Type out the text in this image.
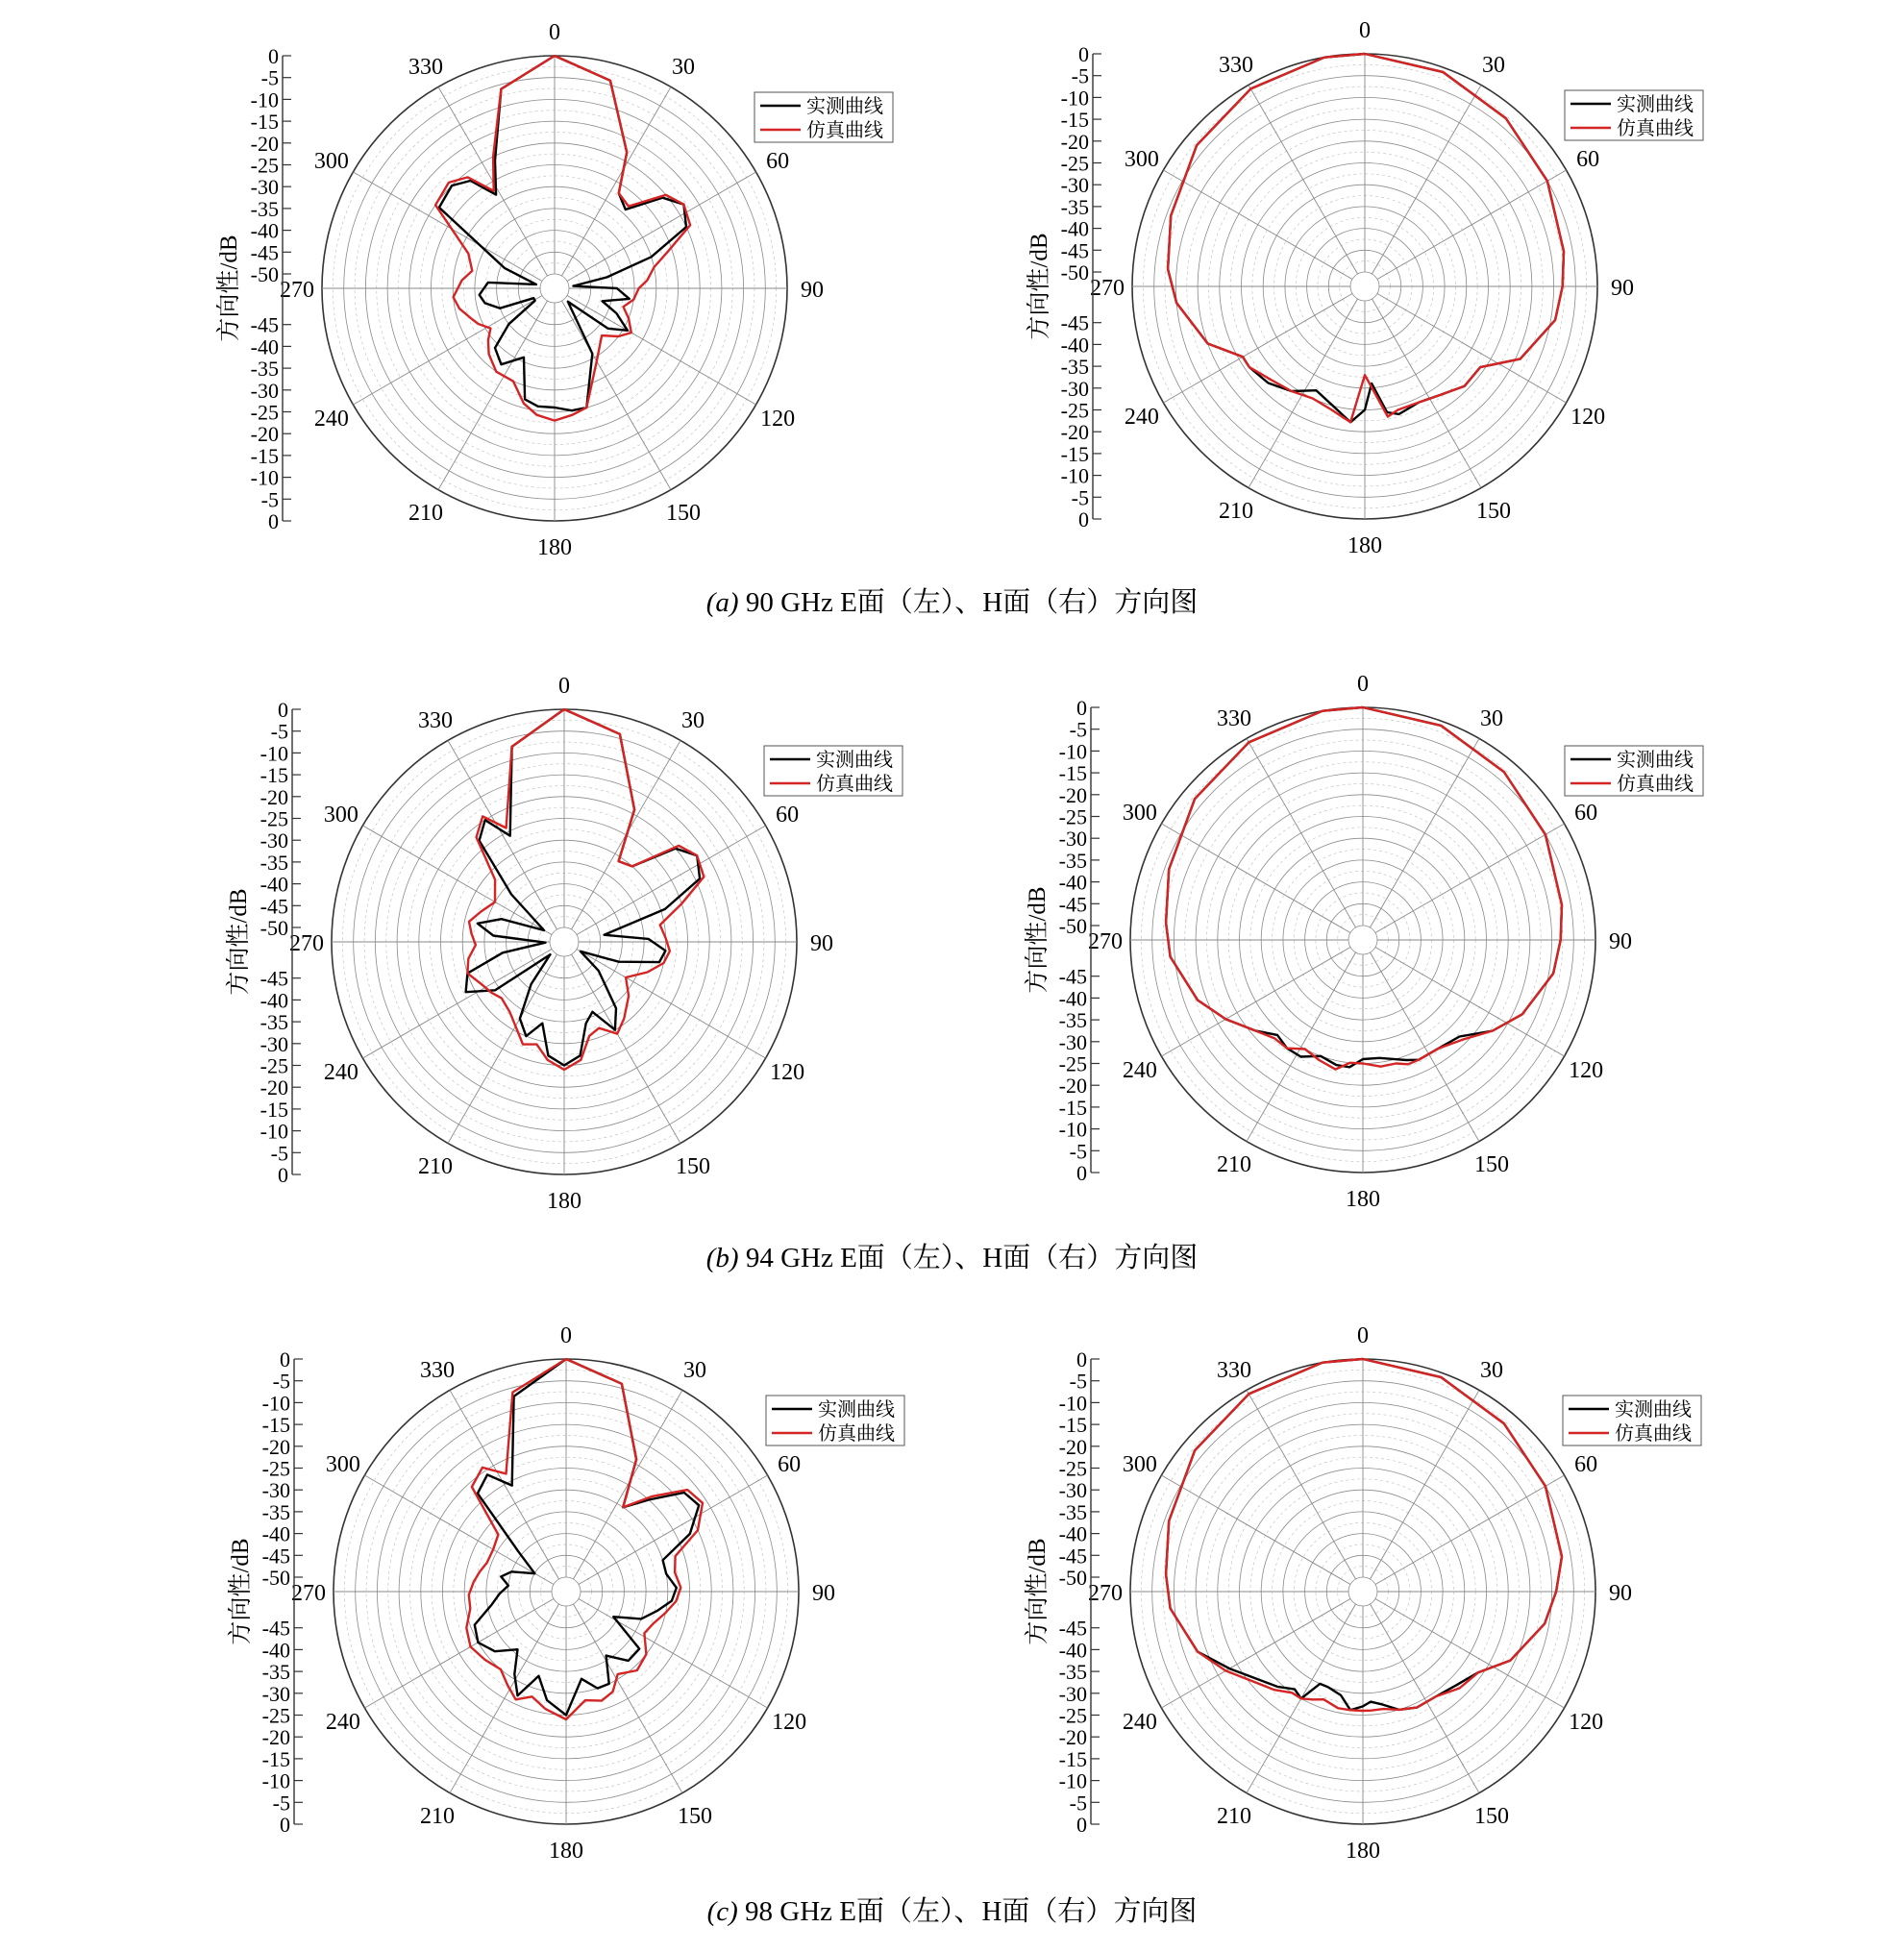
0
30
60
90
120
150
180
210
240
270
300
330
0
-5
-10
-15
-20
-25
-30
-35
-40
-45
-50
-45
-40
-35
-30
-25
-20
-15
-10
-5
0
方向性/dB
实测曲线
仿真曲线
0
30
60
90
120
150
180
210
240
270
300
330
0
-5
-10
-15
-20
-25
-30
-35
-40
-45
-50
-45
-40
-35
-30
-25
-20
-15
-10
-5
0
方向性/dB
实测曲线
仿真曲线
0
30
60
90
120
150
180
210
240
270
300
330
0
-5
-10
-15
-20
-25
-30
-35
-40
-45
-50
-45
-40
-35
-30
-25
-20
-15
-10
-5
0
方向性/dB
实测曲线
仿真曲线
0
30
60
90
120
150
180
210
240
270
300
330
0
-5
-10
-15
-20
-25
-30
-35
-40
-45
-50
-45
-40
-35
-30
-25
-20
-15
-10
-5
0
方向性/dB
实测曲线
仿真曲线
0
30
60
90
120
150
180
210
240
270
300
330
0
-5
-10
-15
-20
-25
-30
-35
-40
-45
-50
-45
-40
-35
-30
-25
-20
-15
-10
-5
0
方向性/dB
实测曲线
仿真曲线
0
30
60
90
120
150
180
210
240
270
300
330
0
-5
-10
-15
-20
-25
-30
-35
-40
-45
-50
-45
-40
-35
-30
-25
-20
-15
-10
-5
0
方向性/dB
实测曲线
仿真曲线
(a) 90 GHz E面（左）、H面（右）方向图
(b) 94 GHz E面（左）、H面（右）方向图
(c) 98 GHz E面（左）、H面（右）方向图
